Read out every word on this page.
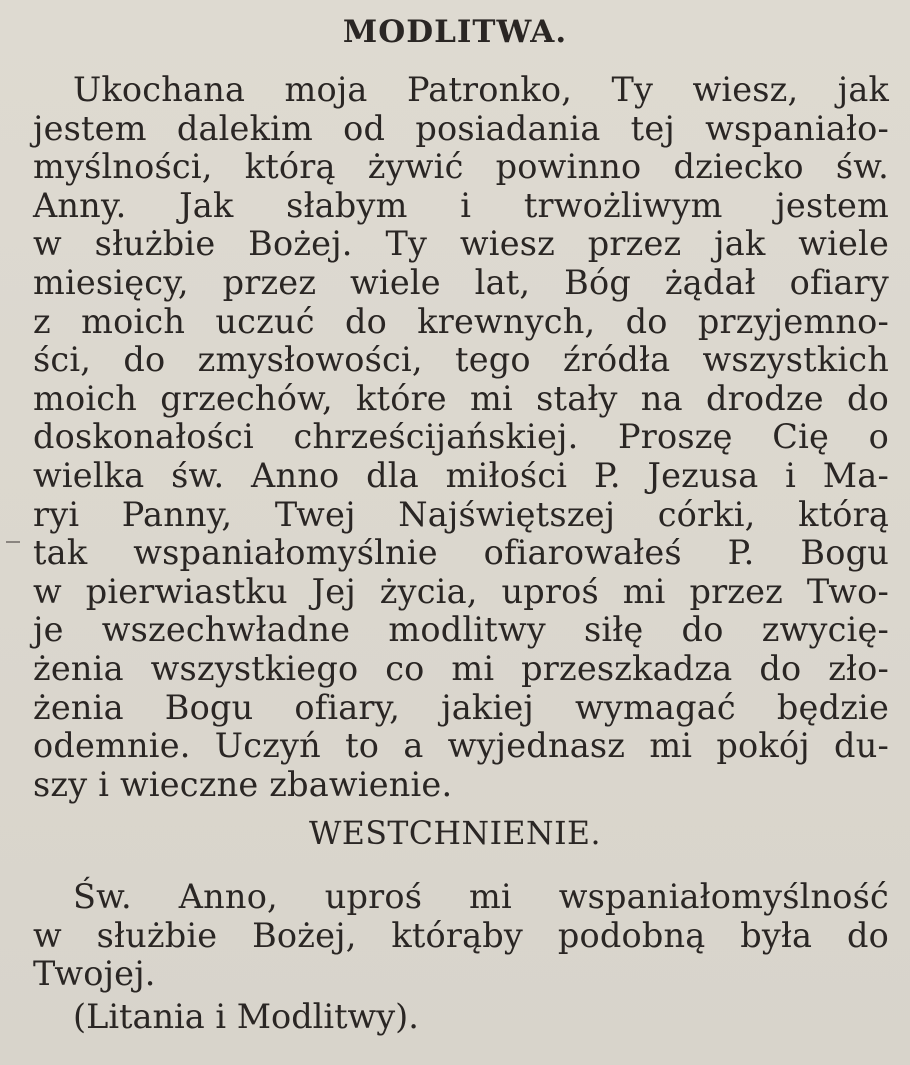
MODLITWA.
Ukochana moja Patronko, Ty wiesz, jak
jestem dalekim od posiadania tej wspaniało-
myślności, którą żywić powinno dziecko św.
Anny. Jak słabym i trwożliwym jestem
w służbie Bożej. Ty wiesz przez jak wiele
miesięcy, przez wiele lat, Bóg żądał ofiary
z moich uczuć do krewnych, do przyjemno-
ści, do zmysłowości, tego źródła wszystkich
moich grzechów, które mi stały na drodze do
doskonałości chrześcijańskiej. Proszę Cię o
wielka św. Anno dla miłości P. Jezusa i Ma-
ryi Panny, Twej Najświętszej córki, którą
tak wspaniałomyślnie ofiarowałeś P. Bogu
w pierwiastku Jej życia, uproś mi przez Two-
je wszechwładne modlitwy siłę do zwycię-
żenia wszystkiego co mi przeszkadza do zło-
żenia Bogu ofiary, jakiej wymagać będzie
odemnie. Uczyń to a wyjednasz mi pokój du-
szy i wieczne zbawienie.
WESTCHNIENIE.
Św. Anno, uproś mi wspaniałomyślność
w służbie Bożej, którąby podobną była do
Twojej.
(Litania i Modlitwy).
